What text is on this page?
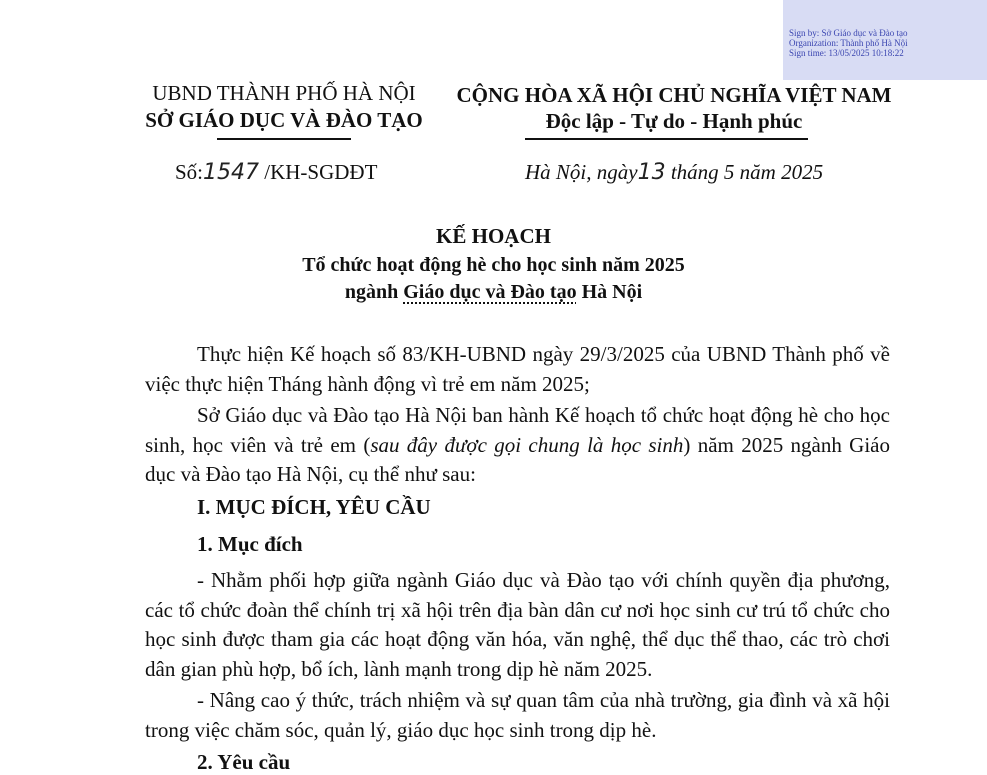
Sign by: Sở Giáo dục và Đào tạo
Organization: Thành phố Hà Nội
Sign time: 13/05/2025 10:18:22
UBND THÀNH PHỐ HÀ NỘI
SỞ GIÁO DỤC VÀ ĐÀO TẠO
CỘNG HÒA XÃ HỘI CHỦ NGHĨA VIỆT NAM
Độc lập - Tự do - Hạnh phúc
Số:1547 /KH-SGDĐT	Hà Nội, ngày13 tháng 5 năm 2025
KẾ HOẠCH
Tổ chức hoạt động hè cho học sinh năm 2025
ngành Giáo dục và Đào tạo Hà Nội
Thực hiện Kế hoạch số 83/KH-UBND ngày 29/3/2025 của UBND Thành phố về việc thực hiện Tháng hành động vì trẻ em năm 2025;
Sở Giáo dục và Đào tạo Hà Nội ban hành Kế hoạch tổ chức hoạt động hè cho học sinh, học viên và trẻ em (sau đây được gọi chung là học sinh) năm 2025 ngành Giáo dục và Đào tạo Hà Nội, cụ thể như sau:
I. MỤC ĐÍCH, YÊU CẦU
1. Mục đích
- Nhằm phối hợp giữa ngành Giáo dục và Đào tạo với chính quyền địa phương, các tổ chức đoàn thể chính trị xã hội trên địa bàn dân cư nơi học sinh cư trú tổ chức cho học sinh được tham gia các hoạt động văn hóa, văn nghệ, thể dục thể thao, các trò chơi dân gian phù hợp, bổ ích, lành mạnh trong dịp hè năm 2025.
- Nâng cao ý thức, trách nhiệm và sự quan tâm của nhà trường, gia đình và xã hội trong việc chăm sóc, quản lý, giáo dục học sinh trong dịp hè.
2. Yêu cầu
